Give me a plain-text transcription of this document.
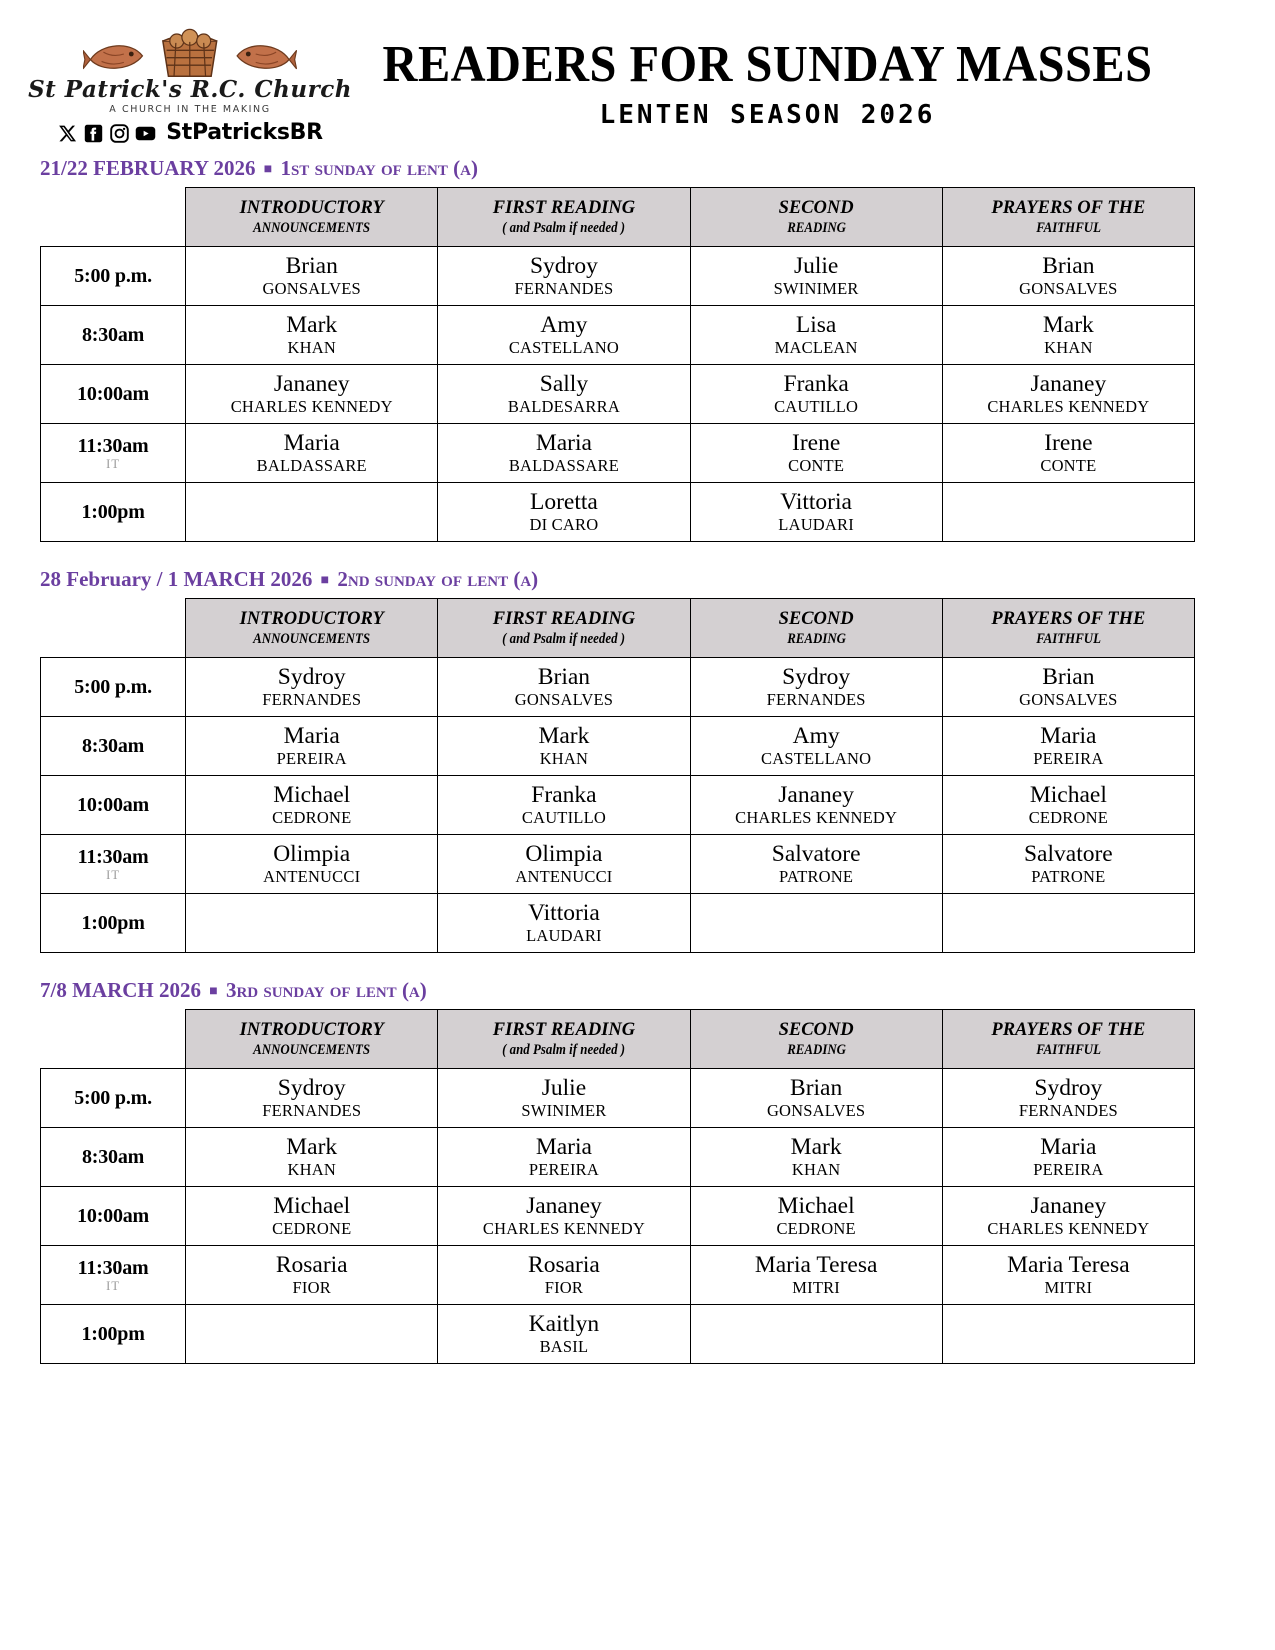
St Patrick's R.C. Church
A CHURCH IN THE MAKING
StPatricksBR
READERS FOR SUNDAY MASSES
LENTEN SEASON 2026
21/22 FEBRUARY 2026 ■ 1st sunday of lent (a)
	INTRODUCTORY
ANNOUNCEMENTS	FIRST READING
( and Psalm if needed )	SECOND
READING	PRAYERS OF THE
FAITHFUL

5:00 p.m.	Brian
GONSALVES	Sydroy
FERNANDES	Julie
SWINIMER	Brian
GONSALVES

8:30am	Mark
KHAN	Amy
CASTELLANO	Lisa
MACLEAN	Mark
KHAN

10:00am	Jananey
CHARLES KENNEDY	Sally
BALDESARRA	Franka
CAUTILLO	Jananey
CHARLES KENNEDY

11:30am
IT	Maria
BALDASSARE	Maria
BALDASSARE	Irene
CONTE	Irene
CONTE

1:00pm		Loretta
DI CARO	Vittoria
LAUDARI	

28 February / 1 MARCH 2026 ■ 2nd sunday of lent (a)
	INTRODUCTORY
ANNOUNCEMENTS	FIRST READING
( and Psalm if needed )	SECOND
READING	PRAYERS OF THE
FAITHFUL

5:00 p.m.	Sydroy
FERNANDES	Brian
GONSALVES	Sydroy
FERNANDES	Brian
GONSALVES

8:30am	Maria
PEREIRA	Mark
KHAN	Amy
CASTELLANO	Maria
PEREIRA

10:00am	Michael
CEDRONE	Franka
CAUTILLO	Jananey
CHARLES KENNEDY	Michael
CEDRONE

11:30am
IT	Olimpia
ANTENUCCI	Olimpia
ANTENUCCI	Salvatore
PATRONE	Salvatore
PATRONE

1:00pm		Vittoria
LAUDARI		

7/8 MARCH 2026 ■ 3rd sunday of lent (a)
	INTRODUCTORY
ANNOUNCEMENTS	FIRST READING
( and Psalm if needed )	SECOND
READING	PRAYERS OF THE
FAITHFUL

5:00 p.m.	Sydroy
FERNANDES	Julie
SWINIMER	Brian
GONSALVES	Sydroy
FERNANDES

8:30am	Mark
KHAN	Maria
PEREIRA	Mark
KHAN	Maria
PEREIRA

10:00am	Michael
CEDRONE	Jananey
CHARLES KENNEDY	Michael
CEDRONE	Jananey
CHARLES KENNEDY

11:30am
IT	Rosaria
FIOR	Rosaria
FIOR	Maria Teresa
MITRI	Maria Teresa
MITRI

1:00pm		Kaitlyn
BASIL		
